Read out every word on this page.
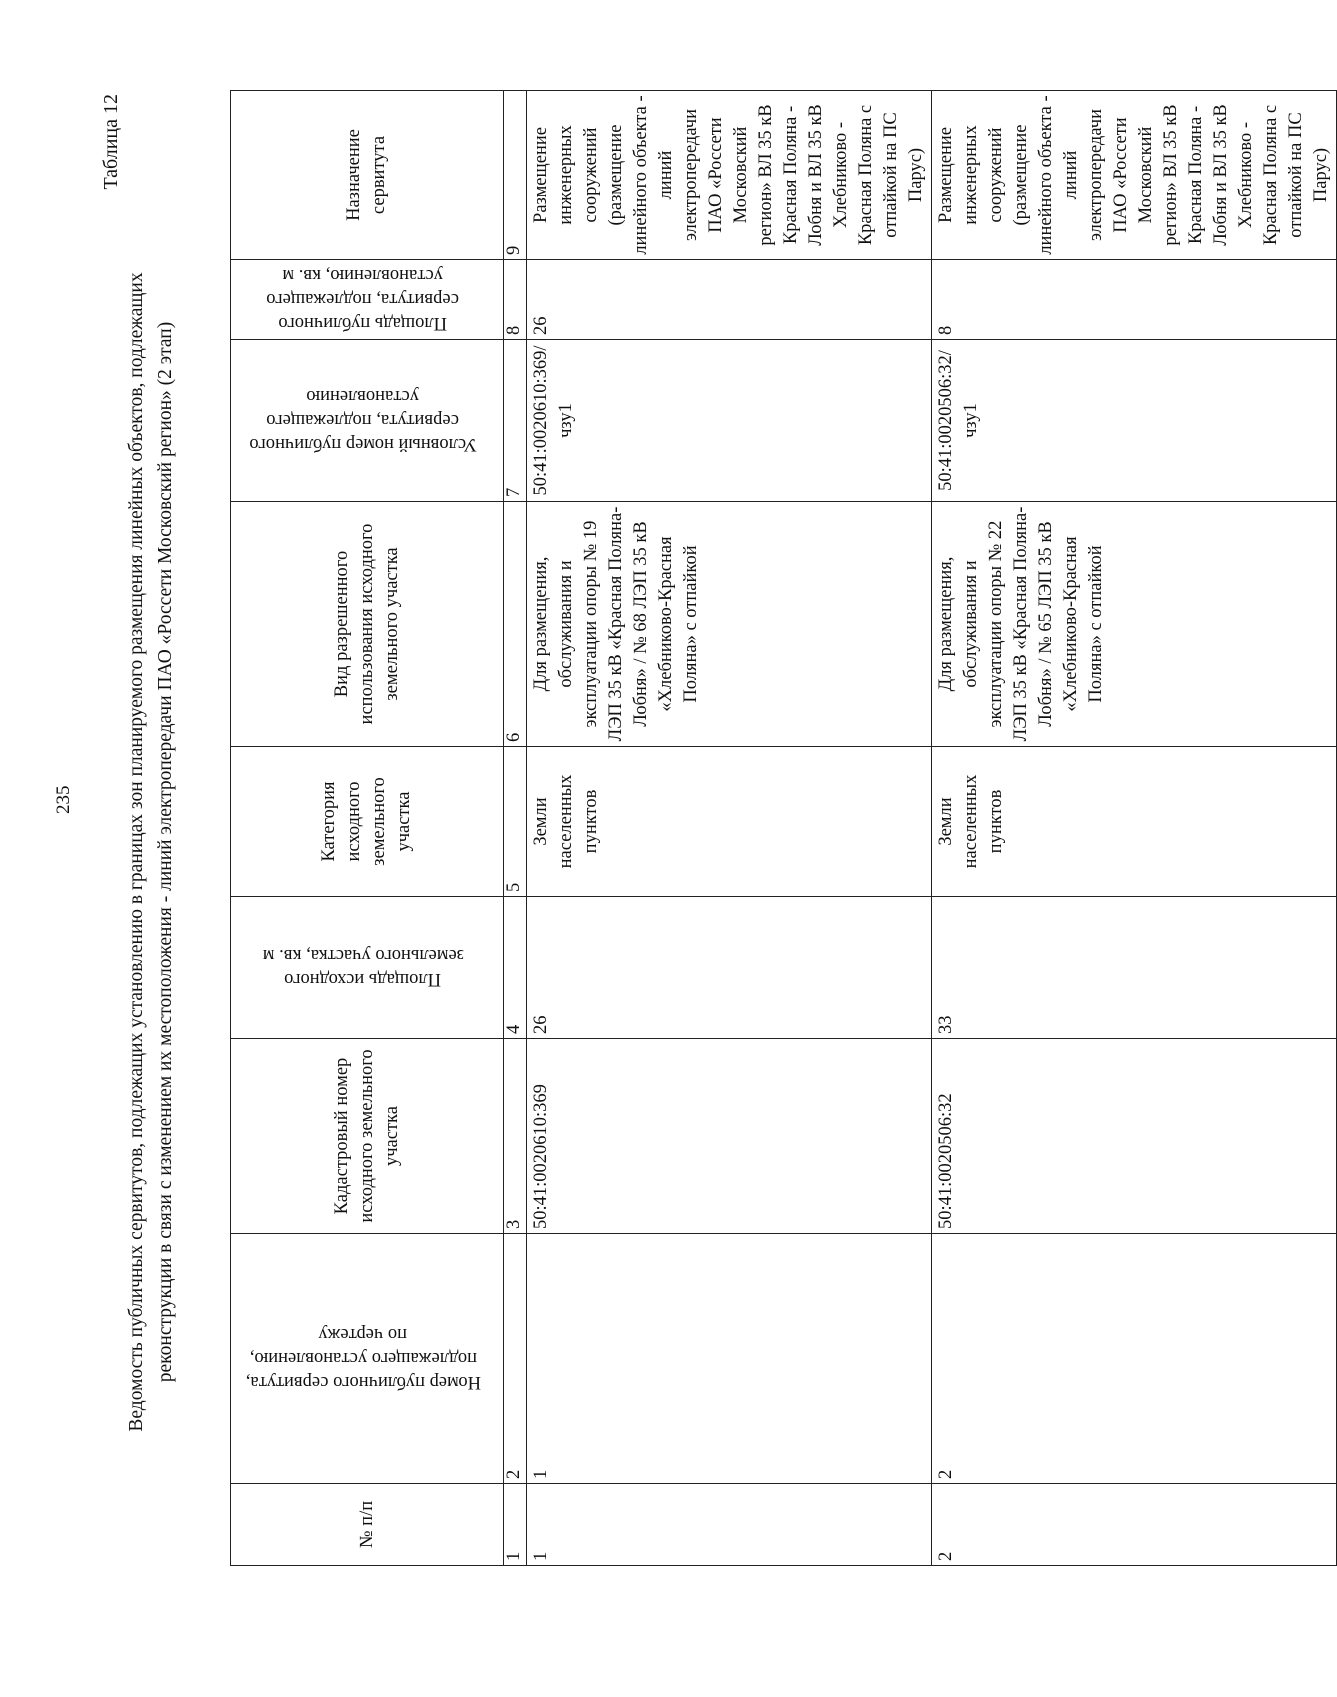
235
Таблица 12
Ведомость публичных сервитутов, подлежащих установлению в границах зон планируемого размещения линейных объектов, подлежащих реконструкции в связи с изменением их местоположения - линий электропередачи ПАО «Россети Московский регион» (2 этап)
№ п/п	Номер публичного сервитута, подлежащего установлению, по чертежу	Кадастровый номер исходного земельного участка	Площадь исходного земельного участка, кв. м	Категория исходного земельного участка	Вид разрешенного использования исходного земельного участка	Условный номер публичного сервитута, подлежащего установлению	Площадь публичного сервитута, подлежащего установлению, кв. м	Назначение сервитута
1	2	3	4	5	6	7	8	9
1	1	50:41:0020610:369	26	Земли населенных пунктов	Для размещения, обслуживания и эксплуатации опоры № 19 ЛЭП 35 кВ «Красная Поляна-Лобня» / № 68 ЛЭП 35 кВ «Хлебниково-Красная Поляна» с отпайкой	50:41:0020610:369/чзу1	26	Размещение инженерных сооружений (размещение линейного объекта - линий электропередачи ПАО «Россети Московский регион» ВЛ 35 кВ Красная Поляна - Лобня и ВЛ 35 кВ Хлебниково - Красная Поляна с отпайкой на ПС Парус)
2	2	50:41:0020506:32	33	Земли населенных пунктов	Для размещения, обслуживания и эксплуатации опоры № 22 ЛЭП 35 кВ «Красная Поляна-Лобня» / № 65 ЛЭП 35 кВ «Хлебниково-Красная Поляна» с отпайкой	50:41:0020506:32/чзу1	8	Размещение инженерных сооружений (размещение линейного объекта - линий электропередачи ПАО «Россети Московский регион» ВЛ 35 кВ Красная Поляна - Лобня и ВЛ 35 кВ Хлебниково - Красная Поляна с отпайкой на ПС Парус)
